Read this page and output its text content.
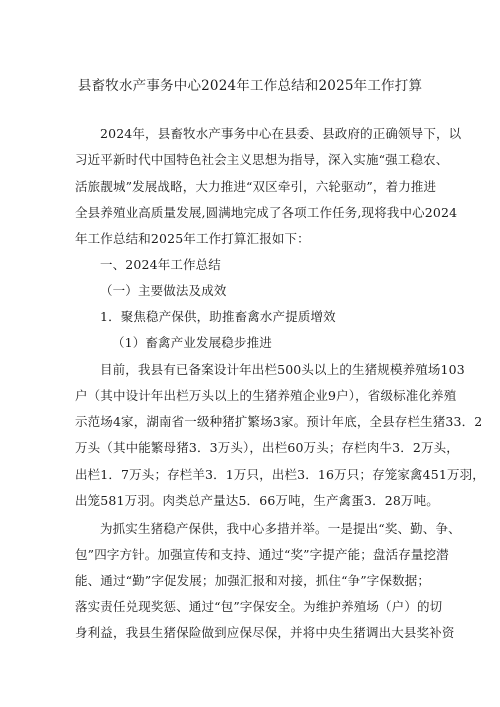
县畜牧水产事务中心2024年工作总结和2025年工作打算
2024年，县畜牧水产事务中心在县委、县政府的正确领导下，以
习近平新时代中国特色社会主义思想为指导，深入实施“强工稳农、
活旅靓城”发展战略，大力推进“双区牵引，六轮驱动”，着力推进
全县养殖业高质量发展,圆满地完成了各项工作任务,现将我中心2024
年工作总结和2025年工作打算汇报如下：
一、2024年工作总结
（一）主要做法及成效
1．聚焦稳产保供，助推畜禽水产提质增效
（1）畜禽产业发展稳步推进
目前，我县有已备案设计年出栏500头以上的生猪规模养殖场103
户（其中设计年出栏万头以上的生猪养殖企业9户），省级标准化养殖
示范场4家，湖南省一级种猪扩繁场3家。预计年底，全县存栏生猪33．2
万头（其中能繁母猪3．3万头），出栏60万头；存栏肉牛3．2万头，
出栏1．7万头；存栏羊3．1万只，出栏3．16万只；存笼家禽451万羽，
出笼581万羽。肉类总产量达5．66万吨，生产禽蛋3．28万吨。
为抓实生猪稳产保供，我中心多措并举。一是提出“奖、勤、争、
包”四字方针。加强宣传和支持、通过“奖”字提产能；盘活存量挖潜
能、通过“勤”字促发展；加强汇报和对接，抓住“争”字保数据；
落实责任兑现奖惩、通过“包”字保安全。为维护养殖场（户）的切
身利益，我县生猪保险做到应保尽保，并将中央生猪调出大县奖补资
